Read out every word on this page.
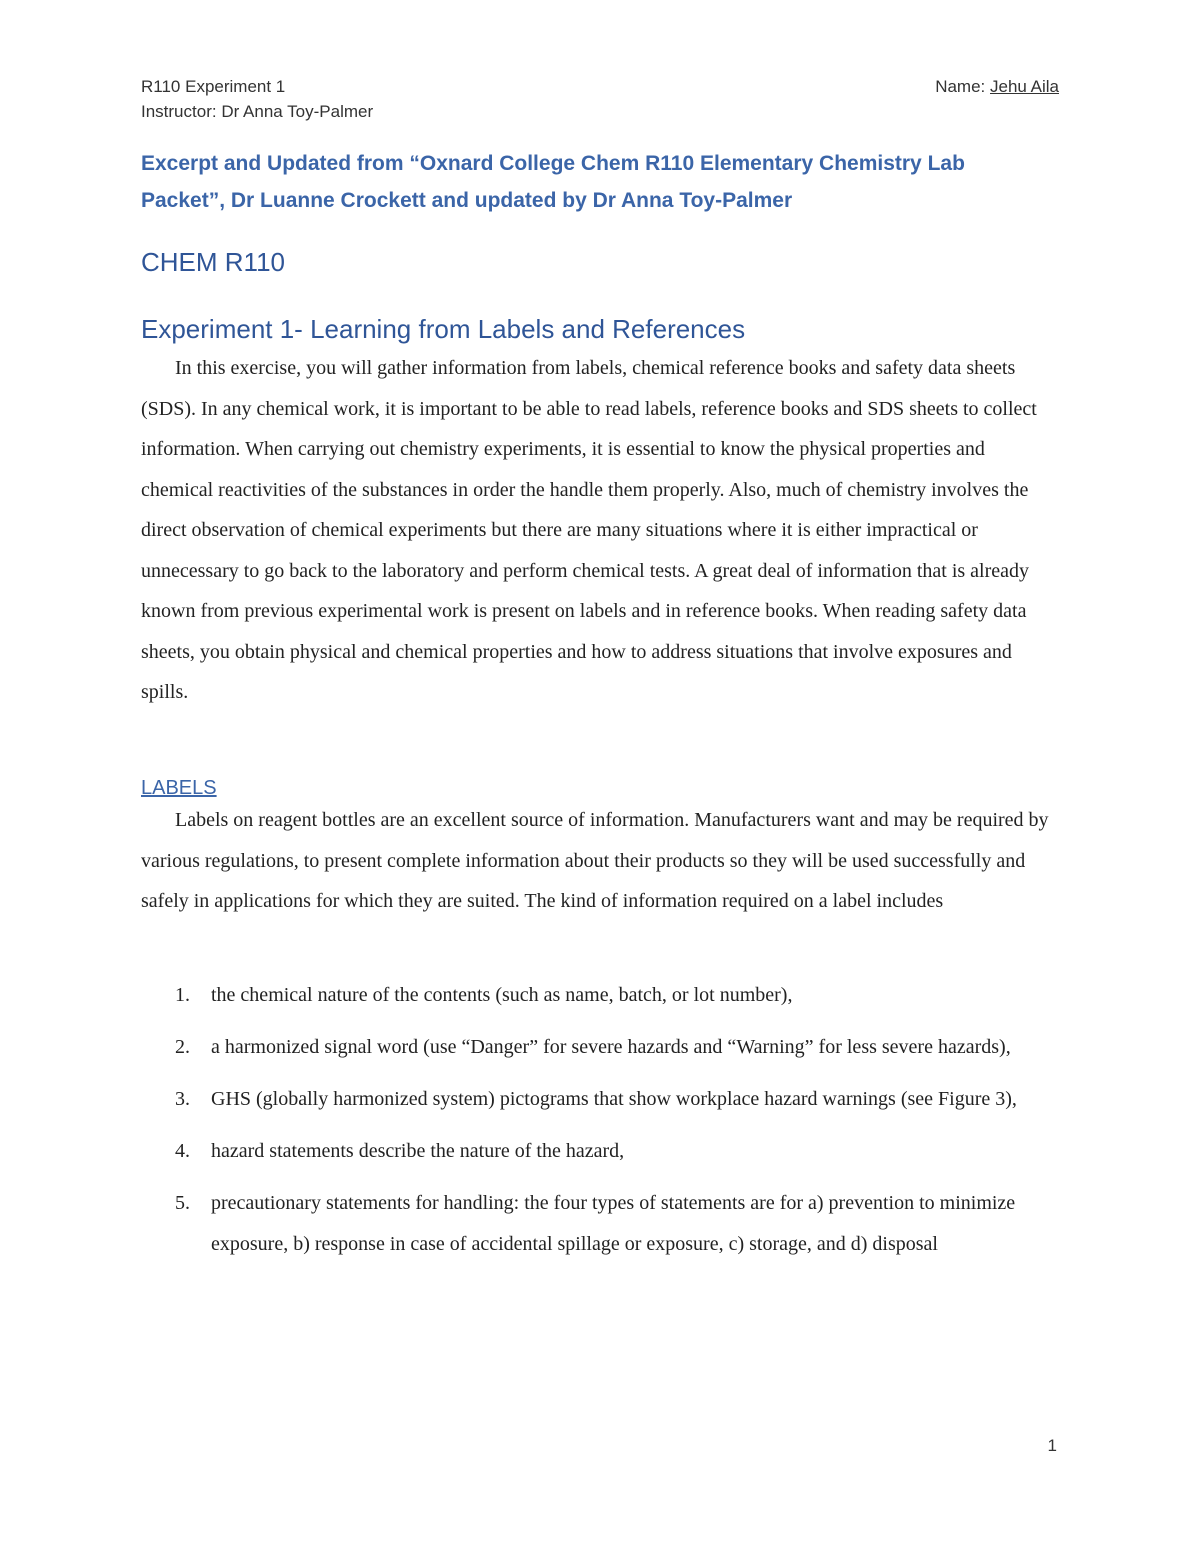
R110 Experiment 1
Instructor: Dr Anna Toy-Palmer
Name: Jehu Aila
Excerpt and Updated from “Oxnard College Chem R110 Elementary Chemistry Lab
Packet”, Dr Luanne Crockett and updated by Dr Anna Toy-Palmer
CHEM R110
Experiment 1- Learning from Labels and References

In this exercise, you will gather information from labels, chemical reference books and safety data sheets (SDS). In any chemical work, it is important to be able to read labels, reference books and SDS sheets to collect information. When carrying out chemistry experiments, it is essential to know the physical properties and chemical reactivities of the substances in order the handle them properly. Also, much of chemistry involves the direct observation of chemical experiments but there are many situations where it is either impractical or unnecessary to go back to the laboratory and perform chemical tests. A great deal of information that is already known from previous experimental work is present on labels and in reference books. When reading safety data sheets, you obtain physical and chemical properties and how to address situations that involve exposures and spills.

LABELS

Labels on reagent bottles are an excellent source of information. Manufacturers want and may be required by various regulations, to present complete information about their products so they will be used successfully and safely in applications for which they are suited. The kind of information required on a label includes

1. the chemical nature of the contents (such as name, batch, or lot number),
2. a harmonized signal word (use “Danger” for severe hazards and “Warning” for less severe hazards),
3. GHS (globally harmonized system) pictograms that show workplace hazard warnings (see Figure 3),
4. hazard statements describe the nature of the hazard,
5. precautionary statements for handling: the four types of statements are for a) prevention to minimize exposure, b) response in case of accidental spillage or exposure, c) storage, and d) disposal
1
